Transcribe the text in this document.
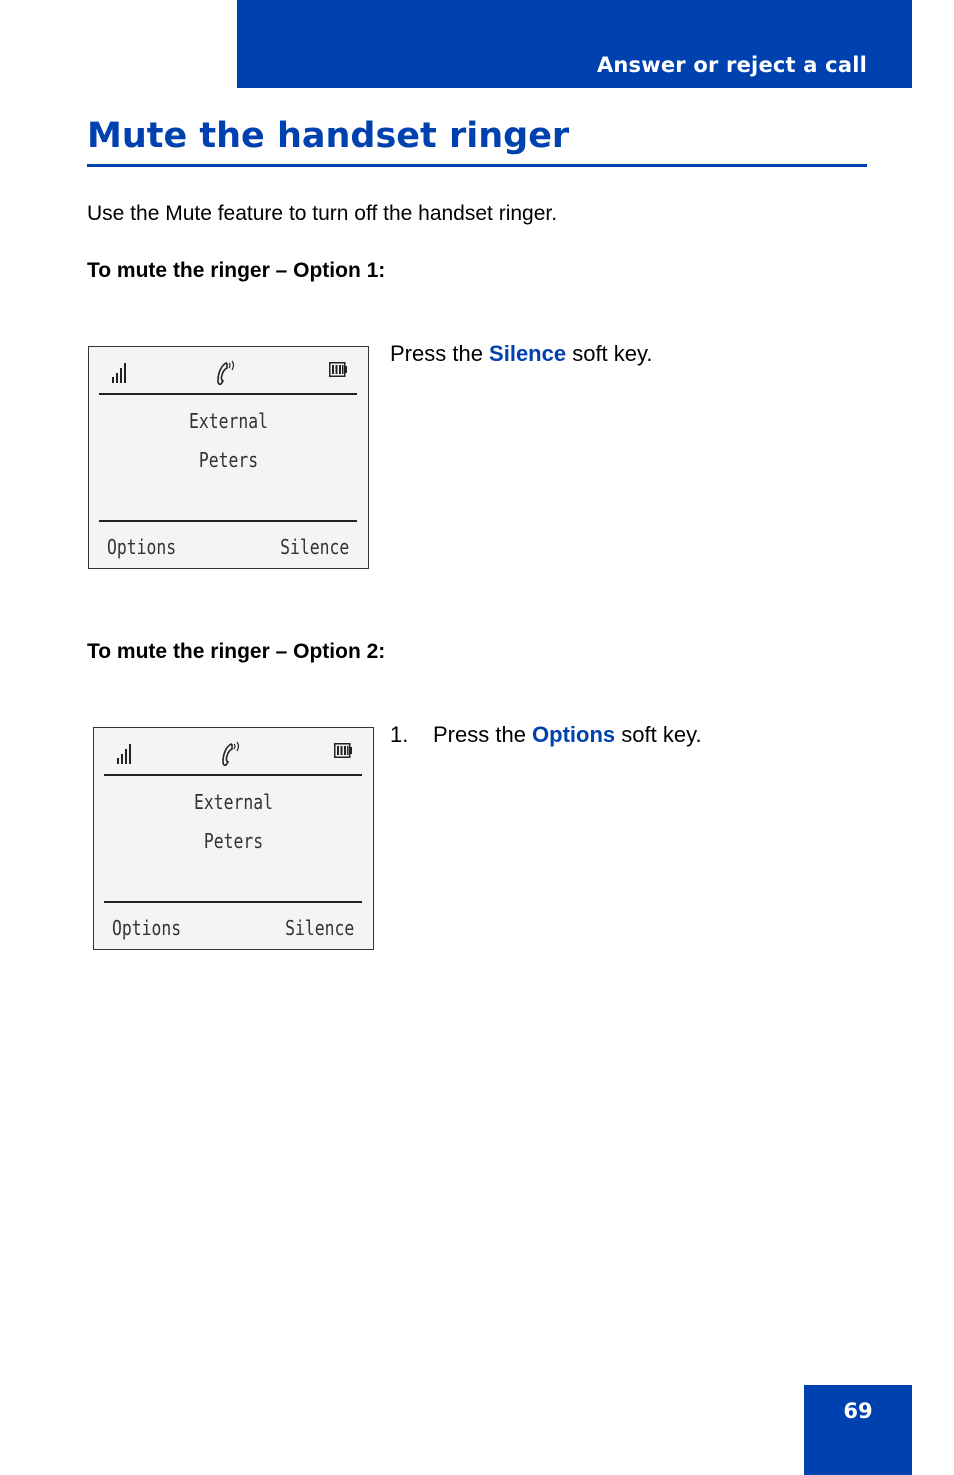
Answer or reject a call
Mute the handset ringer

Use the Mute feature to turn off the handset ringer.

To mute the ringer – Option 1:

External
Peters
Options	Silence

Press the Silence soft key.

To mute the ringer – Option 2:

External
Peters
Options	Silence

1. Press the Options soft key.

69
